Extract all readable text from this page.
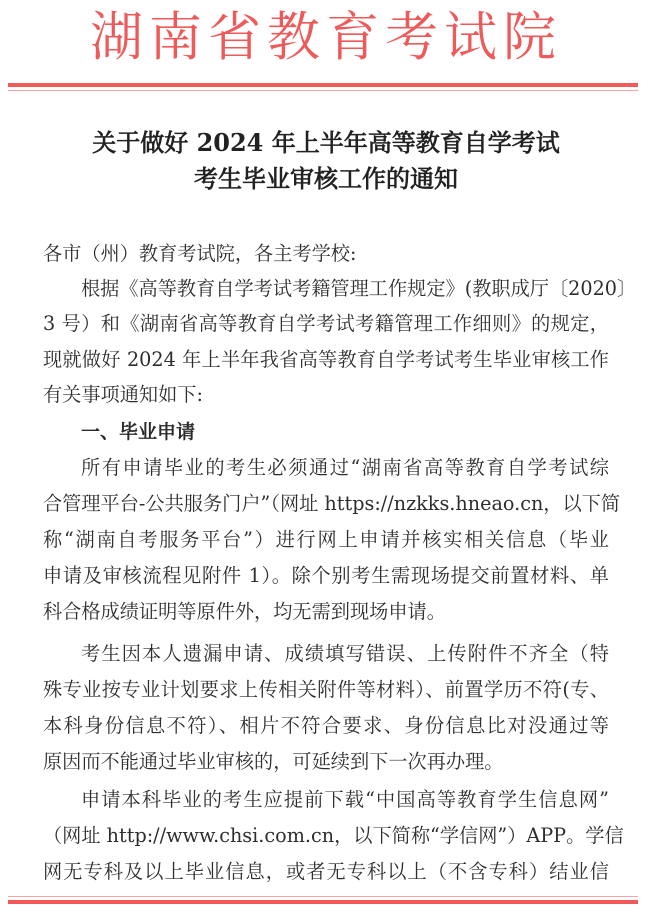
湖南省教育考试院
关于做好 2024 年上半年高等教育自学考试
考生毕业审核工作的通知
各市（州）教育考试院，各主考学校:
根据《高等教育自学考试考籍管理工作规定》(教职成厅〔2020〕
3 号）和《湖南省高等教育自学考试考籍管理工作细则》的规定，
现就做好 2024 年上半年我省高等教育自学考试考生毕业审核工作
有关事项通知如下:
一、毕业申请
所有申请毕业的考生必须通过“湖南省高等教育自学考试综
合管理平台-公共服务门户”（网址 https://nzkks.hneao.cn，以下简
称“湖南自考服务平台”）进行网上申请并核实相关信息（毕业
申请及审核流程见附件 1）。除个别考生需现场提交前置材料、单
科合格成绩证明等原件外，均无需到现场申请。
考生因本人遗漏申请、成绩填写错误、上传附件不齐全（特
殊专业按专业计划要求上传相关附件等材料）、前置学历不符(专、
本科身份信息不符）、相片不符合要求、身份信息比对没通过等
原因而不能通过毕业审核的，可延续到下一次再办理。
申请本科毕业的考生应提前下载“中国高等教育学生信息网”
（网址 http://www.chsi.com.cn，以下简称“学信网”）APP。学信
网无专科及以上毕业信息，或者无专科以上（不含专科）结业信
